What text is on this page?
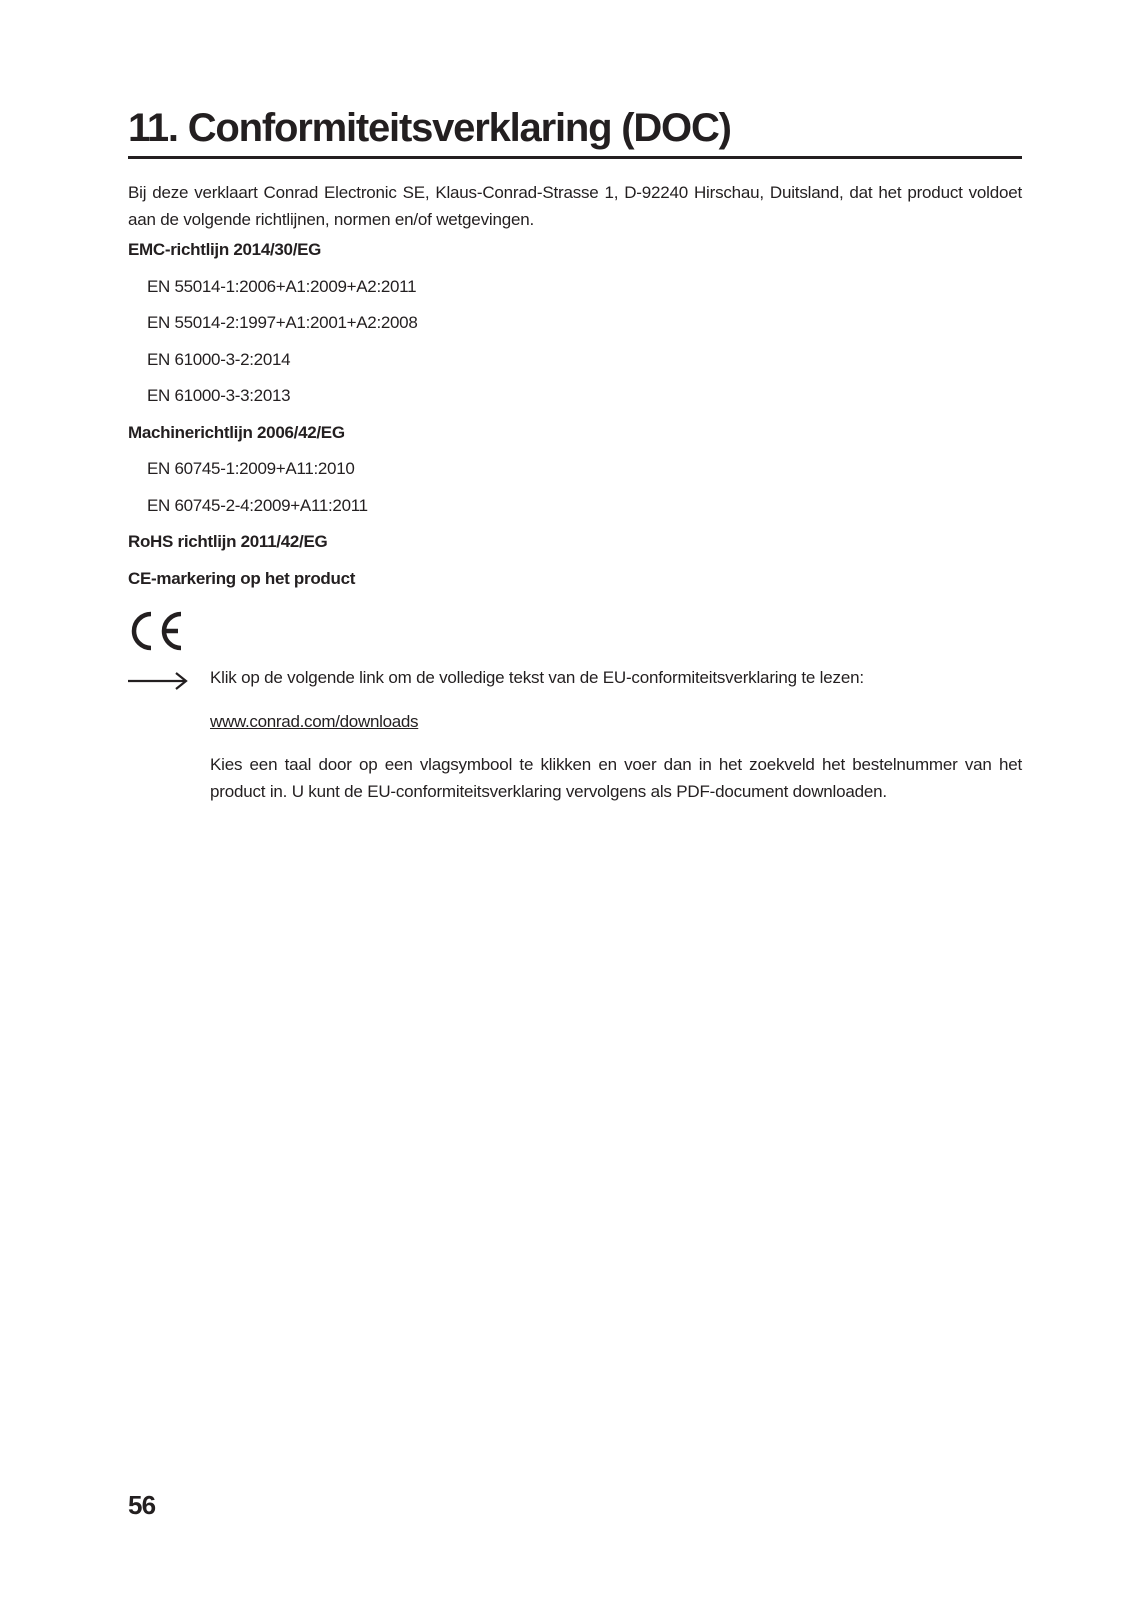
11. Conformiteitsverklaring (DOC)
Bij deze verklaart Conrad Electronic SE, Klaus-Conrad-Strasse 1, D-92240 Hirschau, Duitsland, dat het product voldoet aan de volgende richtlijnen, normen en/of wetgevingen.
EMC-richtlijn 2014/30/EG
EN 55014-1:2006+A1:2009+A2:2011
EN 55014-2:1997+A1:2001+A2:2008
EN 61000-3-2:2014
EN 61000-3-3:2013
Machinerichtlijn 2006/42/EG
EN 60745-1:2009+A11:2010
EN 60745-2-4:2009+A11:2011
RoHS richtlijn 2011/42/EG
CE-markering op het product
Klik op de volgende link om de volledige tekst van de EU-conformiteitsverklaring te lezen:
www.conrad.com/downloads
Kies een taal door op een vlagsymbool te klikken en voer dan in het zoekveld het bestelnummer van het product in. U kunt de EU-conformiteitsverklaring vervolgens als PDF-document downloaden.
56
